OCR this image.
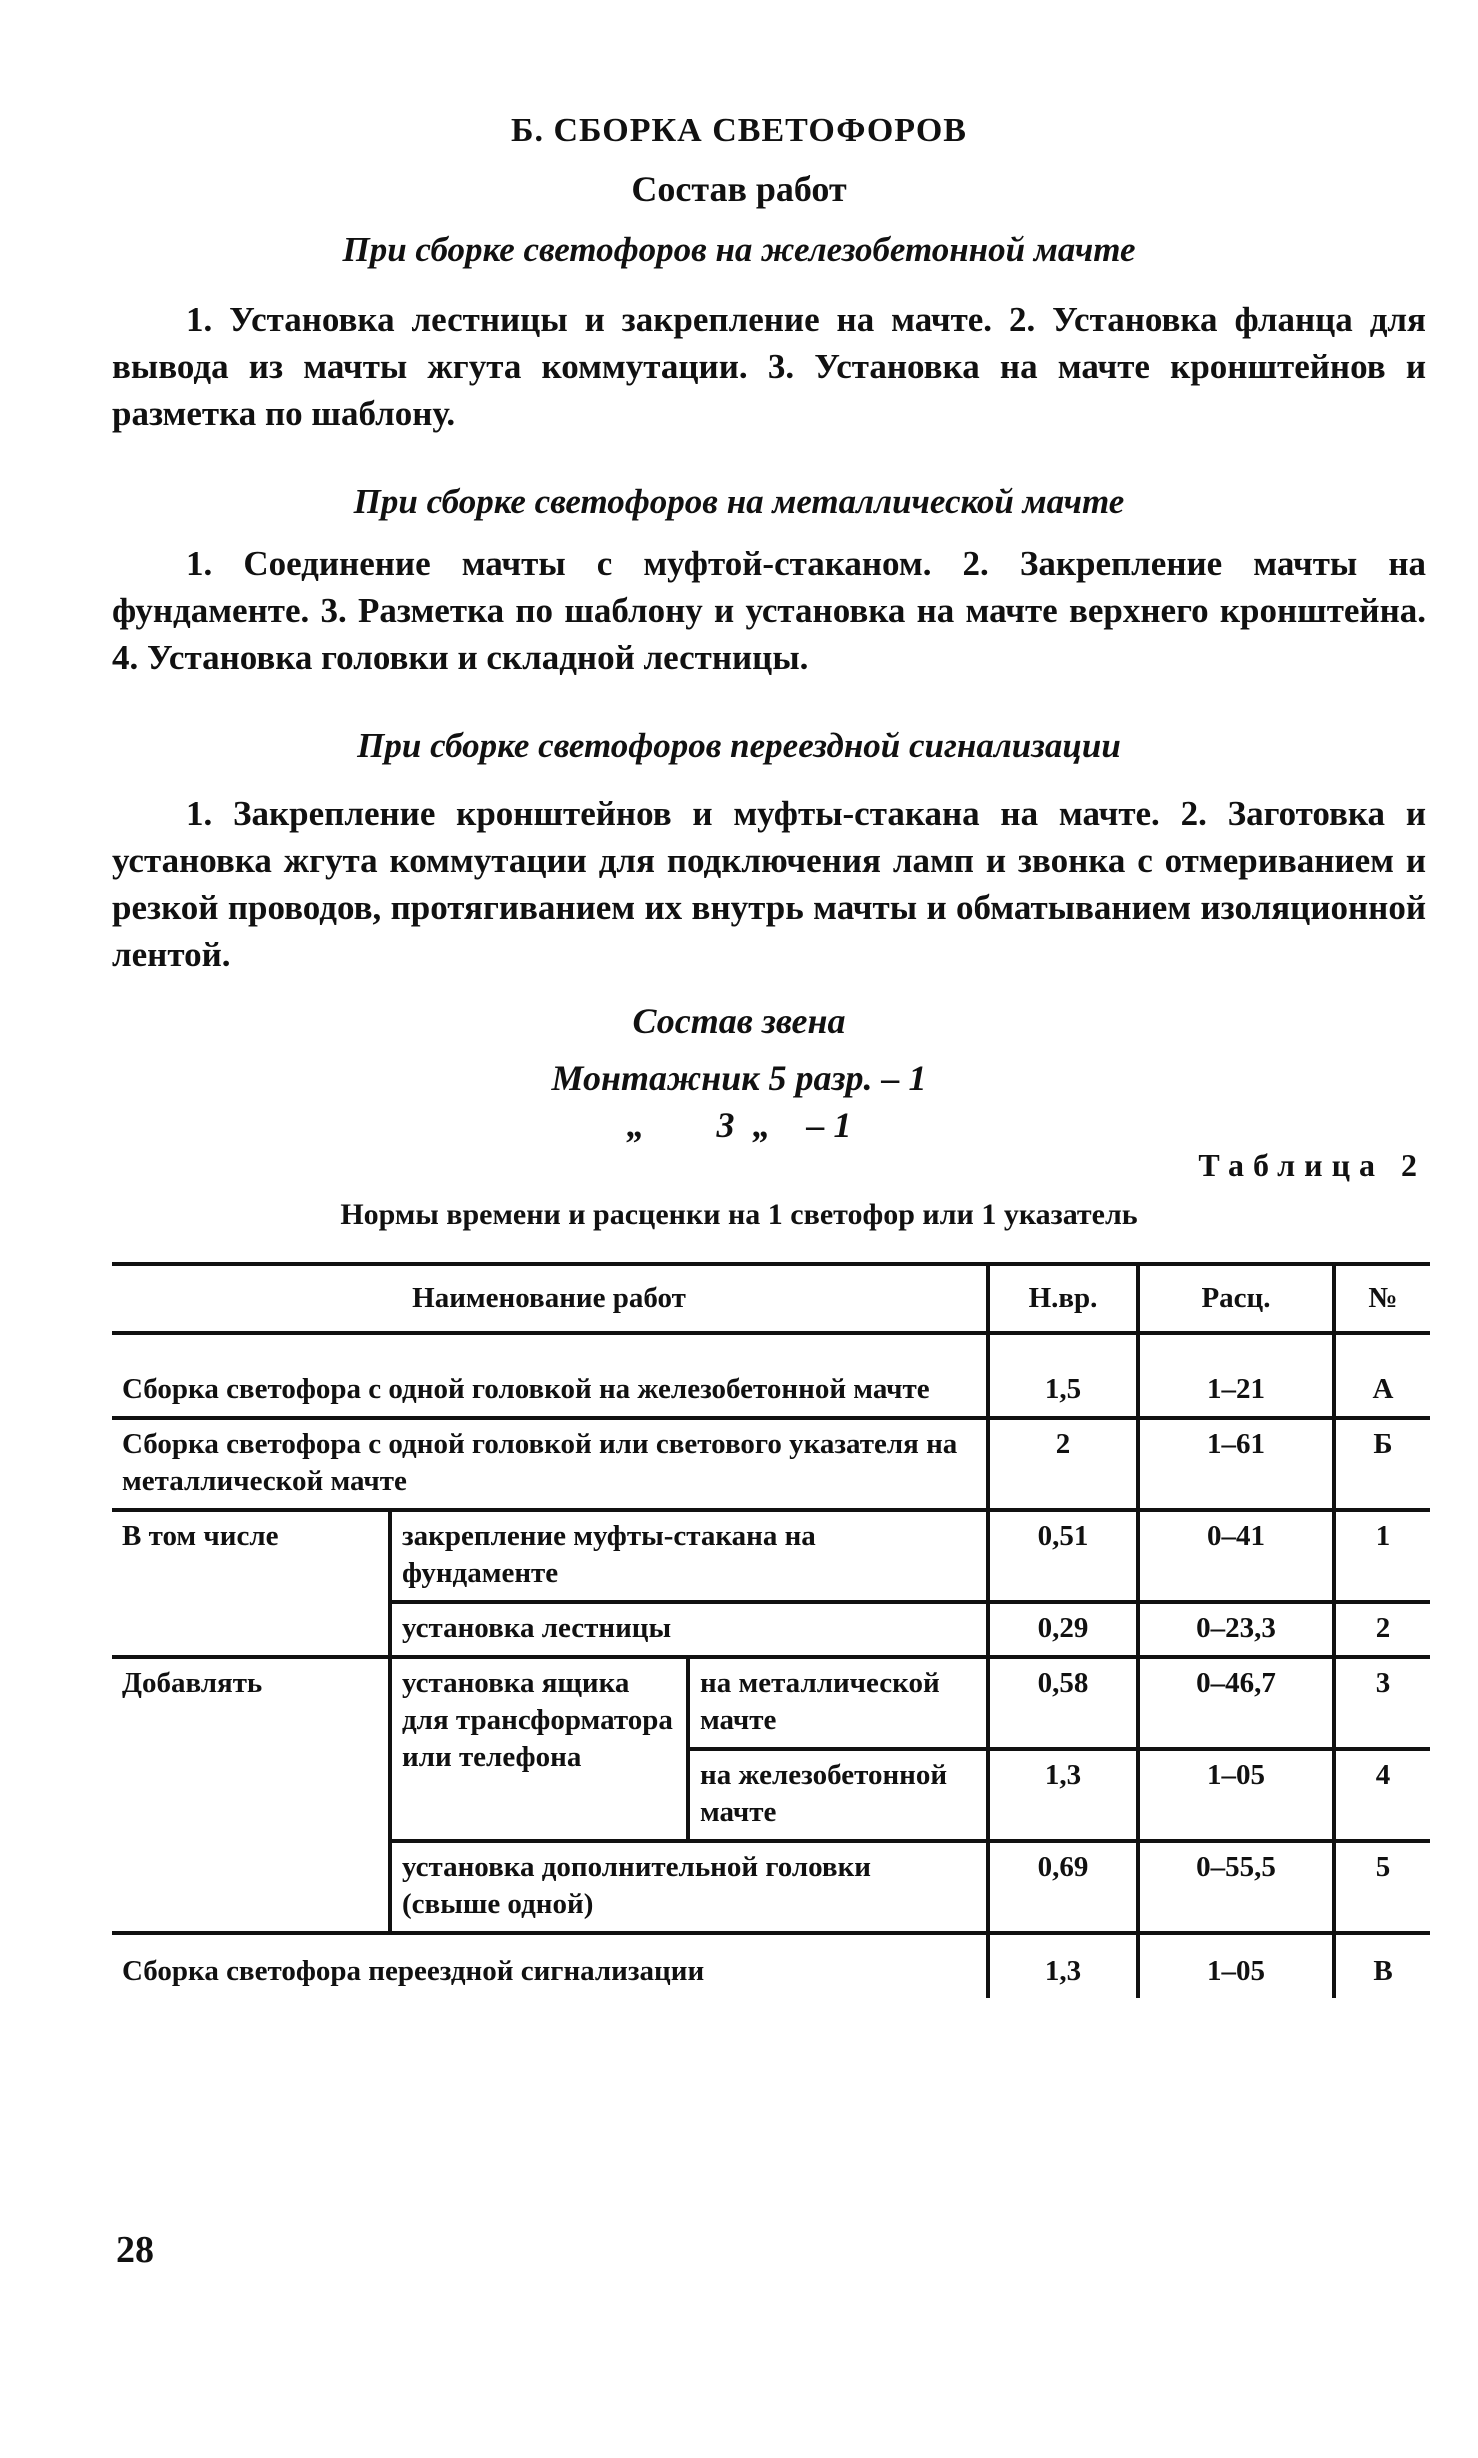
Б. СБОРКА СВЕТОФОРОВ
Состав работ
При сборке светофоров на железобетонной мачте
1. Установка лестницы и закрепление на мачте. 2. Установка фланца для вывода из мачты жгута коммутации. 3. Установка на мачте кронштейнов и разметка по шаблону.
При сборке светофоров на металлической мачте
1. Соединение мачты с муфтой-стаканом. 2. Закрепление мачты на фундаменте. 3. Разметка по шаблону и установка на мачте верхнего кронштейна. 4. Установка головки и складной лестницы.
При сборке светофоров переездной сигнализации
1. Закрепление кронштейнов и муфты-стакана на мачте. 2. Заготовка и установка жгута коммутации для подключения ламп и звонка с отмериванием и резкой проводов, протягиванием их внутрь мачты и обматыванием изоляционной лентой.
Состав звена
Монтажник 5 разр. – 1
„        3  „    – 1
Таблица 2
Нормы времени и расценки на 1 светофор или 1 указатель
Наименование работ			Н.вр.	Расц.	№
Сборка светофора с одной головкой на железобетонной мачте			1,5	1–21	А
Сборка светофора с одной головкой или светового указателя на металлической мачте			2	1–61	Б
В том числе	закрепление муфты-стакана на фундаменте		0,51	0–41	1
	установка лестницы		0,29	0–23,3	2
Добавлять	установка ящика для трансформатора или телефона	на металлической мачте	0,58	0–46,7	3
		на железобетонной мачте	1,3	1–05	4
	установка дополнительной головки (свыше одной)		0,69	0–55,5	5
Сборка светофора переездной сигнализации			1,3	1–05	В
28
